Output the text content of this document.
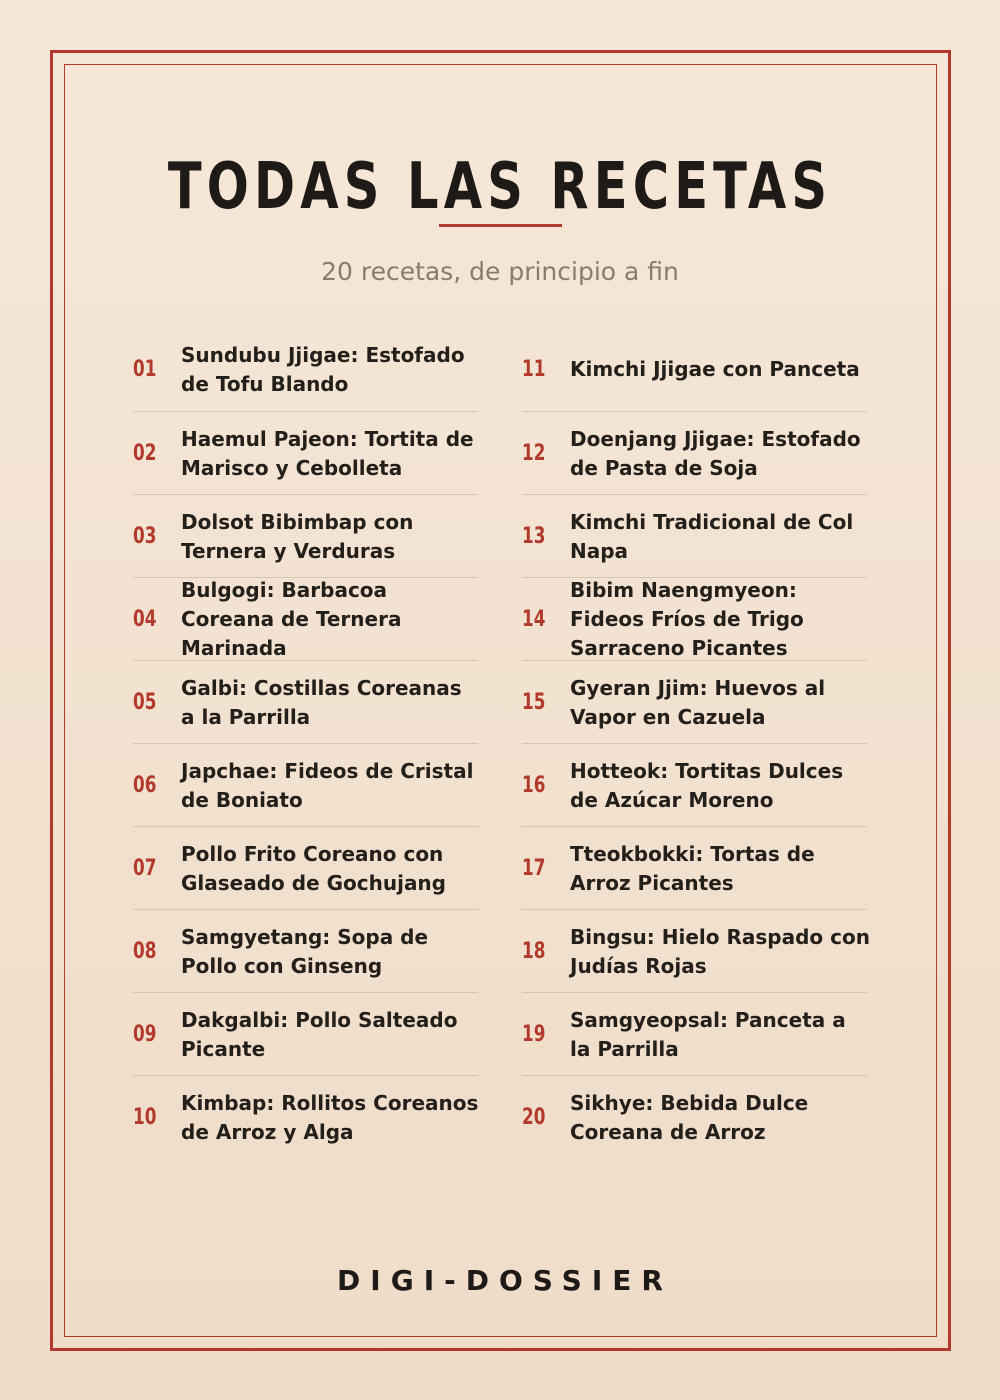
TODAS LAS RECETAS

20 recetas, de principio a fin

01
Sundubu Jjigae: Estofado de Tofu Blando
02
Haemul Pajeon: Tortita de Marisco y Cebolleta
03
Dolsot Bibimbap con Ternera y Verduras
04
Bulgogi: Barbacoa Coreana de Ternera Marinada
05
Galbi: Costillas Coreanas a la Parrilla
06
Japchae: Fideos de Cristal de Boniato
07
Pollo Frito Coreano con Glaseado de Gochujang
08
Samgyetang: Sopa de Pollo con Ginseng
09
Dakgalbi: Pollo Salteado Picante
10
Kimbap: Rollitos Coreanos de Arroz y Alga
11	Kimchi Jjigae con Panceta
12
Doenjang Jjigae: Estofado de Pasta de Soja
13
Kimchi Tradicional de Col Napa
14
Bibim Naengmyeon: Fideos Fríos de Trigo Sarraceno Picantes
15
Gyeran Jjim: Huevos al Vapor en Cazuela
16
Hotteok: Tortitas Dulces de Azúcar Moreno
17
Tteokbokki: Tortas de Arroz Picantes
18
Bingsu: Hielo Raspado con Judías Rojas
19
Samgyeopsal: Panceta a la Parrilla
20
Sikhye: Bebida Dulce Coreana de Arroz
DIGI-DOSSIER
